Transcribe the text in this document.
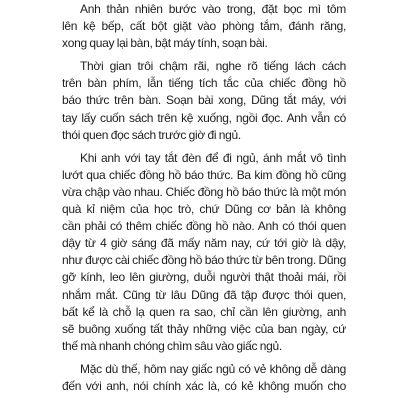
Anh thản nhiên bước vào trong, đặt bọc mì tôm
lên kệ bếp, cất bột giặt vào phòng tắm, đánh răng,
xong quay lại bàn, bật máy tính, soạn bài.
Thời gian trôi chậm rãi, nghe rõ tiếng lách cách
trên bàn phím, lẫn tiếng tích tắc của chiếc đồng hồ
báo thức trên bàn. Soạn bài xong, Dũng tắt máy, với
tay lấy cuốn sách trên kệ xuống, ngồi đọc. Anh vẫn có
thói quen đọc sách trước giờ đi ngủ.
Khi anh với tay tắt đèn để đi ngủ, ánh mắt vô tình
lướt qua chiếc đồng hồ báo thức. Ba kim đồng hồ cũng
vừa chập vào nhau. Chiếc đồng hồ báo thức là một món
quà kỉ niệm của học trò, chứ Dũng cơ bản là không
cần phải có thêm chiếc đồng hồ nào. Anh có thói quen
dậy từ 4 giờ sáng đã mấy năm nay, cứ tới giờ là dậy,
như được cài chiếc đồng hồ báo thức từ bên trong. Dũng
gỡ kính, leo lên giường, duỗi người thật thoải mái, rồi
nhắm mắt. Cũng từ lâu Dũng đã tập được thói quen,
bất kể là chỗ lạ quen ra sao, chỉ cần lên giường, anh
sẽ buông xuống tất thảy những việc của ban ngày, cứ
thế mà nhanh chóng chìm sâu vào giấc ngủ.
Mặc dù thế, hôm nay giấc ngủ có vẻ không dễ dàng
đến với anh, nói chính xác là, có kẻ không muốn cho
